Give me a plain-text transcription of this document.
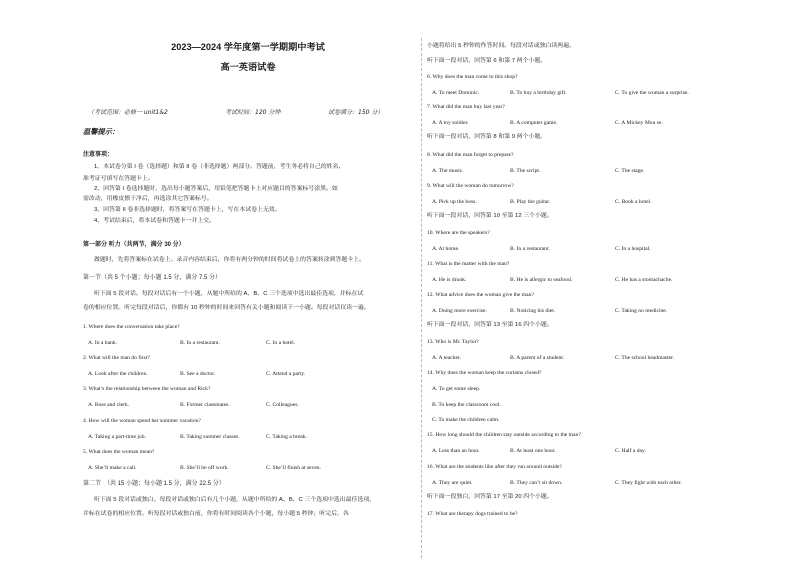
2023—2024 学年度第一学期期中考试
高一英语试卷
（考试范围：必修一 unit1&2	考试时间：120 分钟	试卷满分：150 分）
温馨提示：
注意事项：
1、本试卷分第 I 卷（选择题）和第 II 卷（非选择题）两部分。答题前，考生务必将自己的姓名、
准考证号填写在答题卡上。
2、回答第 I 卷选择题时，选出每小题答案后，用铅笔把答题卡上对应题目的答案标号涂黑。如
需改动，用橡皮擦干净后，再选涂其它答案标号。
3、回答第 II 卷非选择题时，将答案写在答题卡上，写在本试卷上无效。
4、考试结束后，将本试卷和答题卡一并上交。
第一部分 听力（共两节，满分 30 分）
做题时，先将答案标在试卷上。录音内容结束后，你将有两分钟的时间将试卷上的答案转涂到答题卡上。
第一节（共 5 个小题；每小题 1.5 分，满分 7.5 分）
听下面 5 段对话。每段对话后有一个小题，从题中所给的 A、B、C 三个选项中选出最佳选项，并标在试
卷的相应位置。听完每段对话后，你都有 10 秒钟的时间来回答有关小题和阅读下一小题。每段对话仅读一遍。
1. Where does the conversation take place?
A. In a bank.	B. In a restaurant.	C. In a hotel.
2. What will the man do first?
A. Look after the children.	B. See a doctor.	C. Attend a party.
3. What’s the relationship between the woman and Rick?
A. Boss and clerk.	B. Former classmates.	C. Colleagues.
4. How will the woman spend her summer vacation?
A. Taking a part-time job.	B. Taking summer classes.	C. Taking a break.
5. What does the woman mean?
A. She’ll make a call.	B. She’ll be off work.	C. She’ll finish at seven.
第二节　（共 15 小题；每小题 1.5 分，满分 22.5 分）
听下面 5 段对话或独白。每段对话或独白后有几个小题，从题中所给的 A、B、C 三个选项中选出最佳选项，
并标在试卷的相应位置。听每段对话或独白前，你将有时间阅读各个小题，每小题 5 秒钟；听完后，各
小题将给出 5 秒钟的作答时间。每段对话或独白读两遍。
听下面一段对话，回答第 6 和第 7 两个小题。
6. Why does the man come to this shop?
A. To meet Dominic.	B. To buy a birthday gift.	C. To give the woman a surprise.
7. What did the man buy last year?
A. A toy soldier.	B. A computer game.	C. A Mickey Mou se.
听下面一段对话，回答第 8 和第 9 两个小题。
8. What did the man forget to prepare?
A. The music.	B. The script.	C. The stage.
9. What will the woman do tomorrow?
A. Pick up the boss.	B. Play the guitar.	C. Book a hotel.
听下面一段对话，回答第 10 至第 12 三个小题。
10. Where are the speakers?
A. At home.	B. In a restaurant.	C. In a hospital.
11. What is the matter with the man?
A. He is drunk.	B. He is allergic to seafood.	C. He has a stomachache.
12. What advice does the woman give the man?
A. Doing more exercise.	B. Noticing his diet.	C. Taking no medicine.
听下面一段对话，回答第 13 至第 16 四个小题。
13. Who is Mr. Taylor?
A. A teacher.	B. A parent of a student.	C. The school headmaster.
14. Why does the woman keep the curtains closed?
A. To get some sleep.
B. To keep the classroom cool.
C. To make the children calm.
15. How long should the children stay outside according to the man?
A. Less than an hour.	B. At least one hour.	C. Half a day.
16. What are the students like after they run around outside?
A. They are quiet.	B. They can’t sit down.	C. They fight with each other.
听下面一段独白，回答第 17 至第 20 四个小题。
17. What are therapy dogs trained to be?
